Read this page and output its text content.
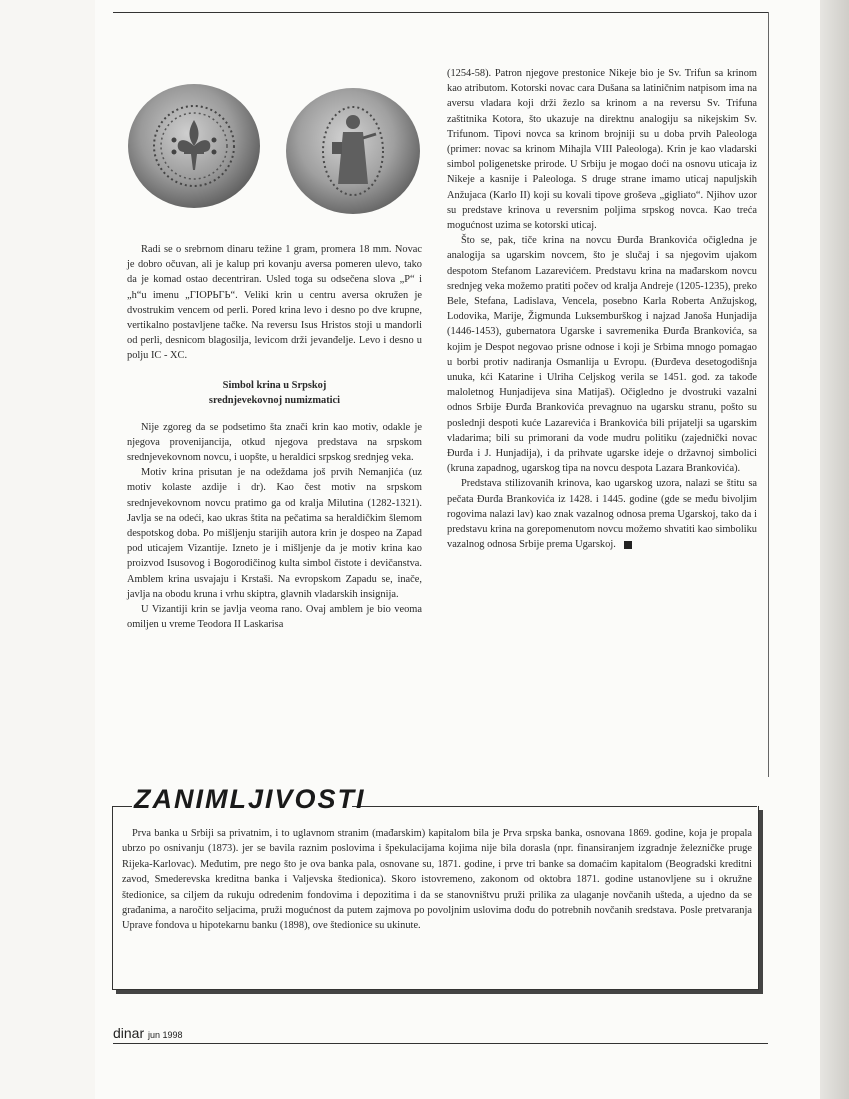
Radi se o srebrnom dinaru težine 1 gram, promera 18 mm. Novac je dobro očuvan, ali je kalup pri kovanju aversa pomeren ulevo, tako da je komad ostao decentriran. Usled toga su odsečena slova „P“ i „h“u imenu „ГІОРЬГЬ“. Veliki krin u centru aversa okružen je dvostrukim vencem od perli. Pored krina levo i desno po dve krupne, vertikalno postavljene tačke. Na reversu Isus Hristos stoji u mandorli od perli, desnicom blagosilja, levicom drži jevanđelje. Levo i desno u polju IC - XC.

Simbol krina u Srpskoj
srednjevekovnoj numizmatici

Nije zgoreg da se podsetimo šta znači krin kao motiv, odakle je njegova provenijancija, otkud njegova predstava na srpskom srednjevekovnom novcu, i uopšte, u heraldici srpskog srednjeg veka.

Motiv krina prisutan je na odeždama još prvih Nemanjića (uz motiv kolaste azdije i dr). Kao čest motiv na srpskom srednjevekovnom novcu pratimo ga od kralja Milutina (1282-1321). Javlja se na odeći, kao ukras štita na pečatima sa heraldičkim šlemom despotskog doba. Po mišljenju starijih autora krin je dospeo na Zapad pod uticajem Vizantije. Izneto je i mišljenje da je motiv krina kao proizvod Isusovog i Bogorodičinog kulta simbol čistote i devičanstva. Amblem krina usvajaju i Krstaši. Na evropskom Zapadu se, inače, javlja na obodu kruna i vrhu skiptra, glavnih vladarskih insignija.

U Vizantiji krin se javlja veoma rano. Ovaj amblem je bio veoma omiljen u vreme Teodora II Laskarisa

(1254-58). Patron njegove prestonice Nikeje bio je Sv. Trifun sa krinom kao atributom. Kotorski novac cara Dušana sa latiničnim natpisom ima na aversu vladara koji drži žezlo sa krinom a na reversu Sv. Trifuna zaštitnika Kotora, što ukazuje na direktnu analogiju sa nikejskim Sv. Trifunom. Tipovi novca sa krinom brojniji su u doba prvih Paleologa (primer: novac sa krinom Mihajla VIII Paleologa). Krin je kao vladarski simbol poligenetske prirode. U Srbiju je mogao doći na osnovu uticaja iz Nikeje a kasnije i Paleologa. S druge strane imamo uticaj napuljskih Anžujaca (Karlo II) koji su kovali tipove groševa „gigliato“. Njihov uzor su predstave krinova u reversnim poljima srpskog novca. Kao treća mogućnost uzima se kotorski uticaj.

Što se, pak, tiče krina na novcu Đurđa Brankovića očigledna je analogija sa ugarskim novcem, što je slučaj i sa njegovim ujakom despotom Stefanom Lazarevićem. Predstavu krina na mađarskom novcu srednjeg veka možemo pratiti počev od kralja Andreje (1205-1235), preko Bele, Stefana, Ladislava, Vencela, posebno Karla Roberta Anžujskog, Lodovika, Marije, Žigmunda Luksemburškog i najzad Janoša Hunjadija (1446-1453), gubernatora Ugarske i savremenika Đurđa Brankovića, sa kojim je Despot negovao prisne odnose i koji je Srbima mnogo pomagao u borbi protiv nadiranja Osmanlija u Evropu. (Đurđeva desetogodišnja unuka, kći Katarine i Ulriha Celjskog verila se 1451. god. za takođe maloletnog Hunjadijeva sina Matijaš). Očigledno je dvostruki vazalni odnos Srbije Đurđa Brankovića prevagnuo na ugarsku stranu, pošto su poslednji despoti kuće Lazarevića i Brankovića bili prijatelji sa ugarskim vladarima; bili su primorani da vode mudru politiku (zajednički novac Đurđa i J. Hunjadija), i da prihvate ugarske ideje o državnoj simbolici (kruna zapadnog, ugarskog tipa na novcu despota Lazara Brankovića).

Predstava stilizovanih krinova, kao ugarskog uzora, nalazi se štitu sa pečata Đurđa Brankovića iz 1428. i 1445. godine (gde se među bivoljim rogovima nalazi lav) kao znak vazalnog odnosa prema Ugarskoj, tako da i predstavu krina na gorepomenutom novcu možemo shvatiti kao simboliku vazalnog odnosa Srbije prema Ugarskoj.

ZANIMLJIVOSTI

Prva banka u Srbiji sa privatnim, i to uglavnom stranim (mađarskim) kapitalom bila je Prva srpska banka, osnovana 1869. godine, koja je propala ubrzo po osnivanju (1873). jer se bavila raznim poslovima i špekulacijama kojima nije bila dorasla (npr. finansiranjem izgradnje železničke pruge Rijeka-Karlovac). Međutim, pre nego što je ova banka pala, osnovane su, 1871. godine, i prve tri banke sa domaćim kapitalom (Beogradski kreditni zavod, Smederevska kreditna banka i Valjevska štedionica). Skoro istovremeno, zakonom od oktobra 1871. godine ustanovljene su i okružne štedionice, sa ciljem da rukuju odredenim fondovima i depozitima i da se stanovništvu pruži prilika za ulaganje novčanih ušteda, a ujedno da se građanima, a naročito seljacima, pruži mogućnost da putem zajmova po povoljnim uslovima dođu do potrebnih novčanih sredstava. Posle pretvaranja Uprave fondova u hipotekarnu banku (1898), ove štedionice su ukinute.

dinar jun 1998
